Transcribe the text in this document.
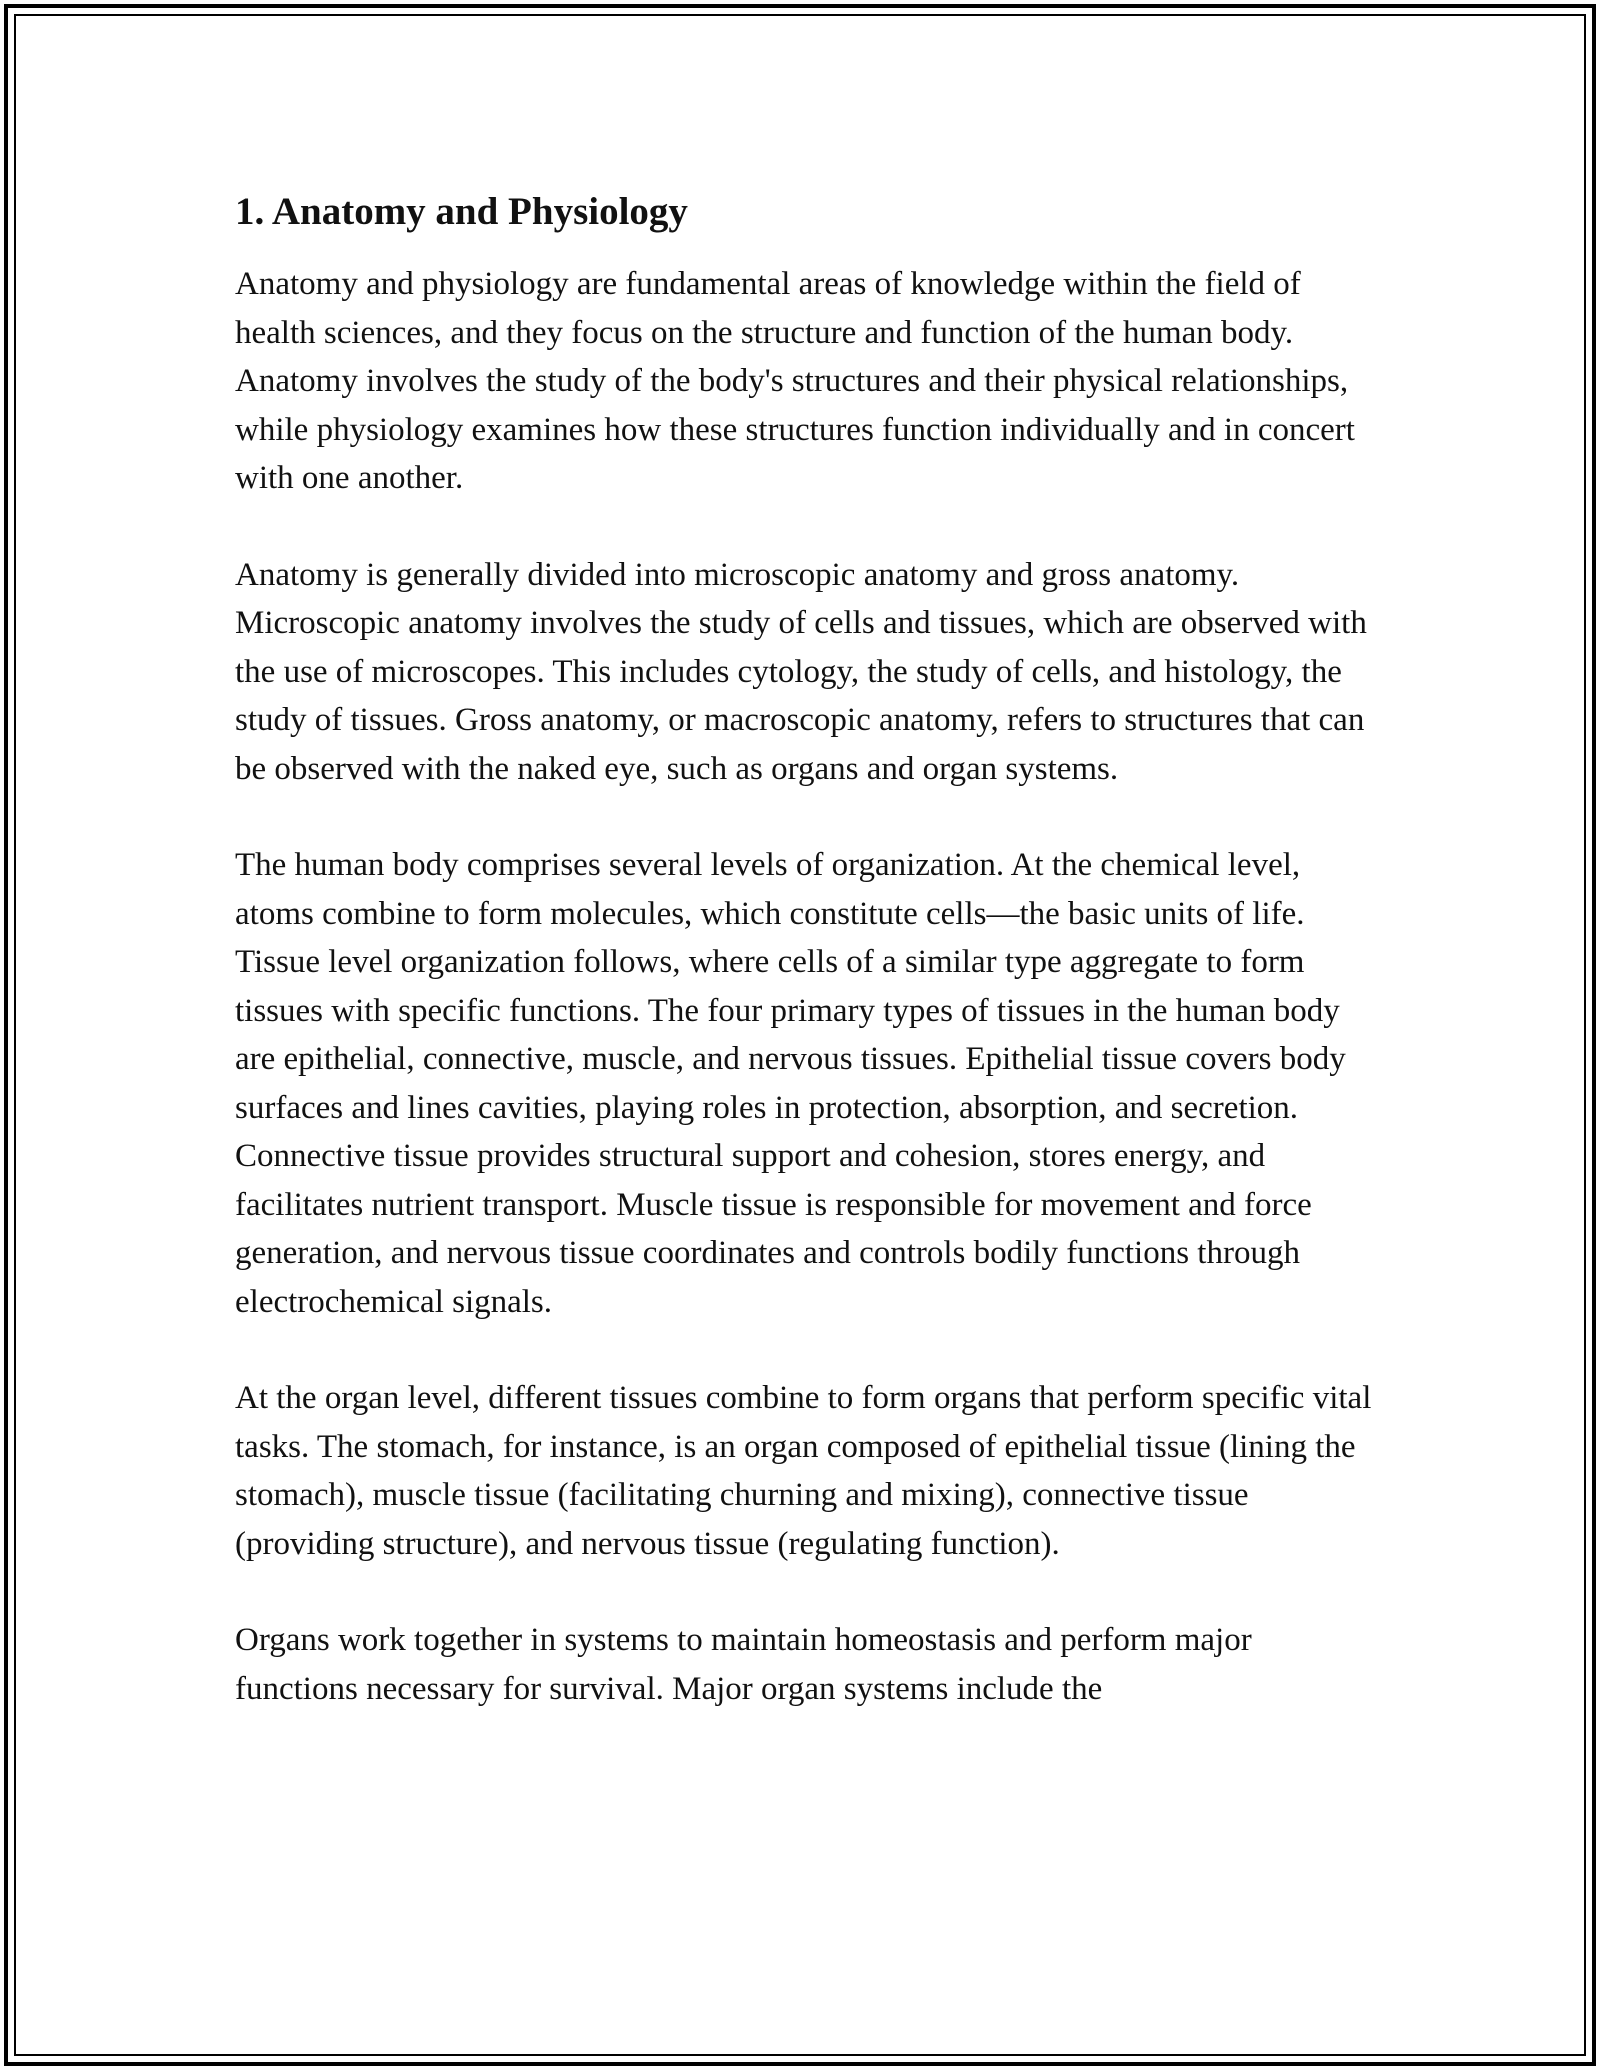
1. Anatomy and Physiology

Anatomy and physiology are fundamental areas of knowledge within the field of health sciences, and they focus on the structure and function of the human body. Anatomy involves the study of the body's structures and their physical relationships, while physiology examines how these structures function individually and in concert with one another.

Anatomy is generally divided into microscopic anatomy and gross anatomy. Microscopic anatomy involves the study of cells and tissues, which are observed with the use of microscopes. This includes cytology, the study of cells, and histology, the study of tissues. Gross anatomy, or macroscopic anatomy, refers to structures that can be observed with the naked eye, such as organs and organ systems.

The human body comprises several levels of organization. At the chemical level, atoms combine to form molecules, which constitute cells—the basic units of life. Tissue level organization follows, where cells of a similar type aggregate to form tissues with specific functions. The four primary types of tissues in the human body are epithelial, connective, muscle, and nervous tissues. Epithelial tissue covers body surfaces and lines cavities, playing roles in protection, absorption, and secretion. Connective tissue provides structural support and cohesion, stores energy, and facilitates nutrient transport. Muscle tissue is responsible for movement and force generation, and nervous tissue coordinates and controls bodily functions through electrochemical signals.

At the organ level, different tissues combine to form organs that perform specific vital tasks. The stomach, for instance, is an organ composed of epithelial tissue (lining the stomach), muscle tissue (facilitating churning and mixing), connective tissue (providing structure), and nervous tissue (regulating function).

Organs work together in systems to maintain homeostasis and perform major functions necessary for survival. Major organ systems include the
